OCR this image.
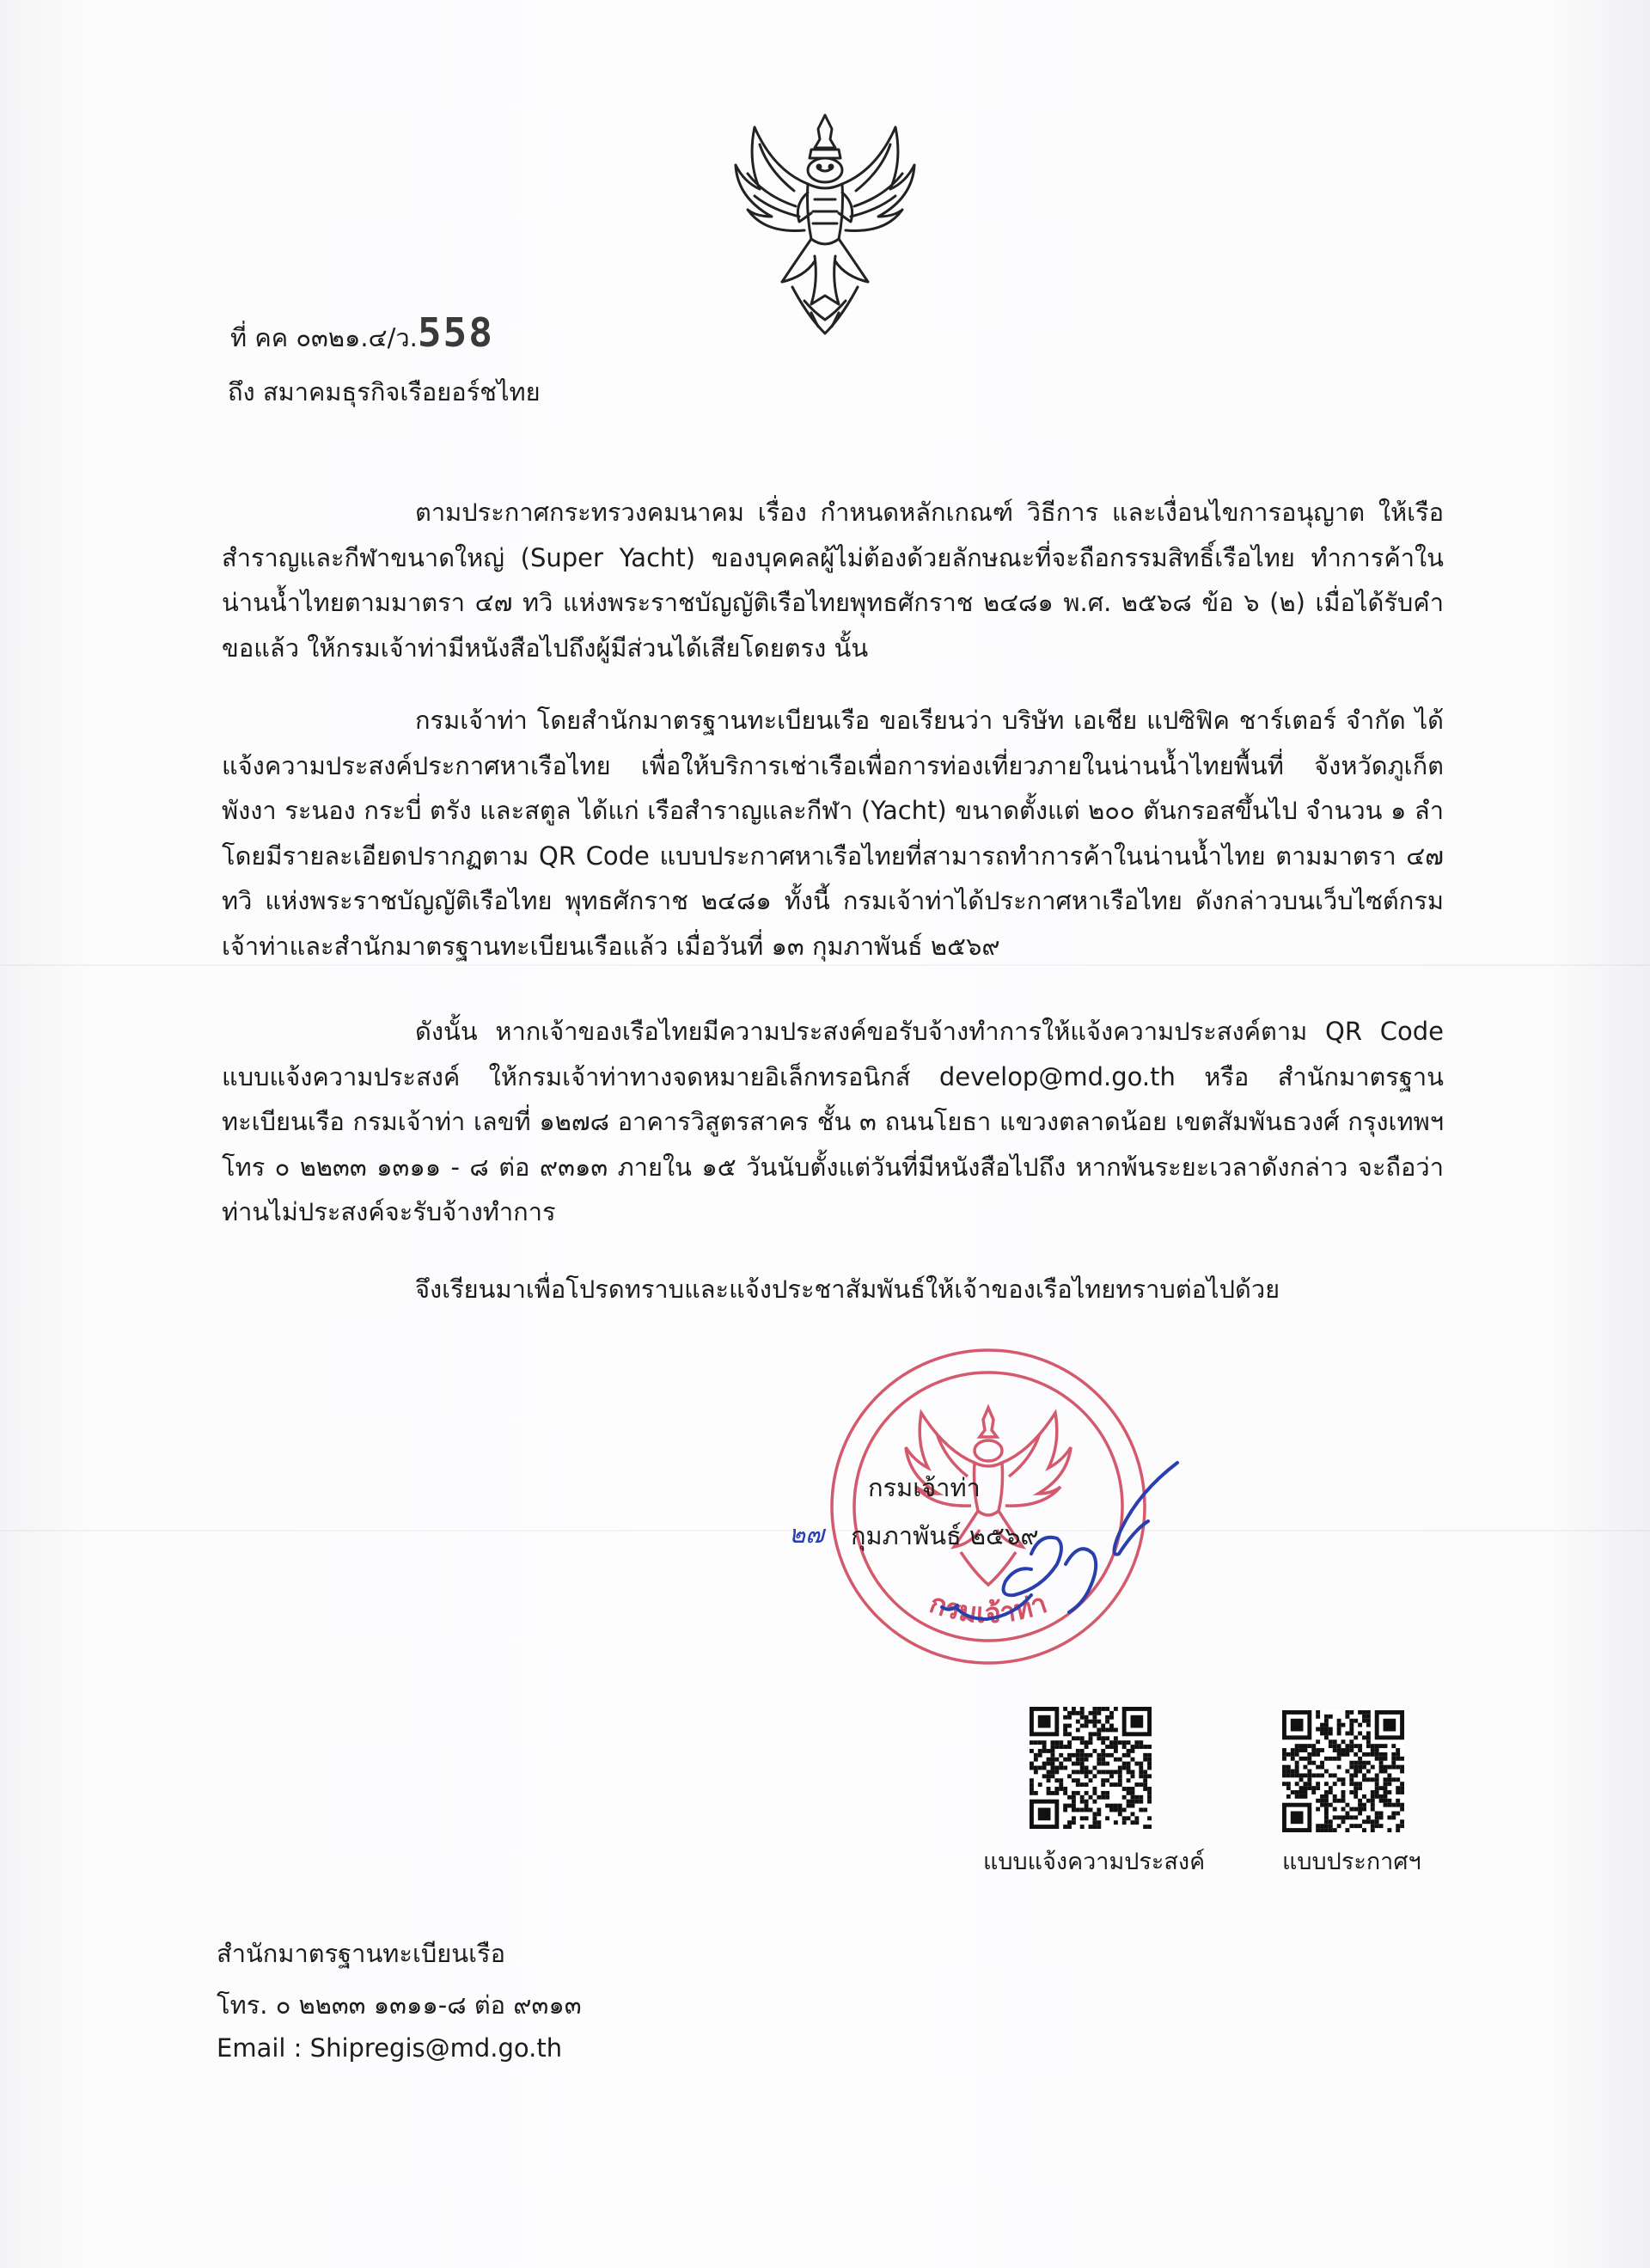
ที่ คค ๐๓๒๑.๔/ว.558
ถึง สมาคมธุรกิจเรือยอร์ชไทย

ตามประกาศกระทรวงคมนาคม เรื่อง กำหนดหลักเกณฑ์ วิธีการ และเงื่อนไขการอนุญาต ให้เรือสำราญและกีฬาขนาดใหญ่ (Super Yacht) ของบุคคลผู้ไม่ต้องด้วยลักษณะที่จะถือกรรมสิทธิ์เรือไทย ทำการค้าในน่านน้ำไทยตามมาตรา ๔๗ ทวิ แห่งพระราชบัญญัติเรือไทยพุทธศักราช ๒๔๘๑ พ.ศ. ๒๕๖๘ ข้อ ๖ (๒) เมื่อได้รับคำขอแล้ว ให้กรมเจ้าท่ามีหนังสือไปถึงผู้มีส่วนได้เสียโดยตรง นั้น

กรมเจ้าท่า โดยสำนักมาตรฐานทะเบียนเรือ ขอเรียนว่า บริษัท เอเชีย แปซิฟิค ชาร์เตอร์ จำกัด ได้แจ้งความประสงค์ประกาศหาเรือไทย เพื่อให้บริการเช่าเรือเพื่อการท่องเที่ยวภายในน่านน้ำไทยพื้นที่ จังหวัดภูเก็ต พังงา ระนอง กระบี่ ตรัง และสตูล ได้แก่ เรือสำราญและกีฬา (Yacht) ขนาดตั้งแต่ ๒๐๐ ตันกรอสขึ้นไป จำนวน ๑ ลำ โดยมีรายละเอียดปรากฏตาม QR Code แบบประกาศหาเรือไทยที่สามารถทำการค้าในน่านน้ำไทย ตามมาตรา ๔๗ ทวิ แห่งพระราชบัญญัติเรือไทย พุทธศักราช ๒๔๘๑ ทั้งนี้ กรมเจ้าท่าได้ประกาศหาเรือไทย ดังกล่าวบนเว็บไซต์กรมเจ้าท่าและสำนักมาตรฐานทะเบียนเรือแล้ว เมื่อวันที่ ๑๓ กุมภาพันธ์ ๒๕๖๙

ดังนั้น หากเจ้าของเรือไทยมีความประสงค์ขอรับจ้างทำการให้แจ้งความประสงค์ตาม QR Code แบบแจ้งความประสงค์ ให้กรมเจ้าท่าทางจดหมายอิเล็กทรอนิกส์ develop@md.go.th หรือ สำนักมาตรฐานทะเบียนเรือ กรมเจ้าท่า เลขที่ ๑๒๗๘ อาคารวิสูตรสาคร ชั้น ๓ ถนนโยธา แขวงตลาดน้อย เขตสัมพันธวงศ์ กรุงเทพฯ โทร ๐ ๒๒๓๓ ๑๓๑๑ - ๘ ต่อ ๙๓๑๓ ภายใน ๑๕ วันนับตั้งแต่วันที่มีหนังสือไปถึง หากพ้นระยะเวลาดังกล่าว จะถือว่าท่านไม่ประสงค์จะรับจ้างทำการ

จึงเรียนมาเพื่อโปรดทราบและแจ้งประชาสัมพันธ์ให้เจ้าของเรือไทยทราบต่อไปด้วย

กรมเจ้าท่า
กรมเจ้าท่า
๒๗ กุมภาพันธ์ ๒๕๖๙
แบบแจ้งความประสงค์	แบบประกาศฯ
สำนักมาตรฐานทะเบียนเรือ
โทร. ๐ ๒๒๓๓ ๑๓๑๑-๘ ต่อ ๙๓๑๓
Email : Shipregis@md.go.th
